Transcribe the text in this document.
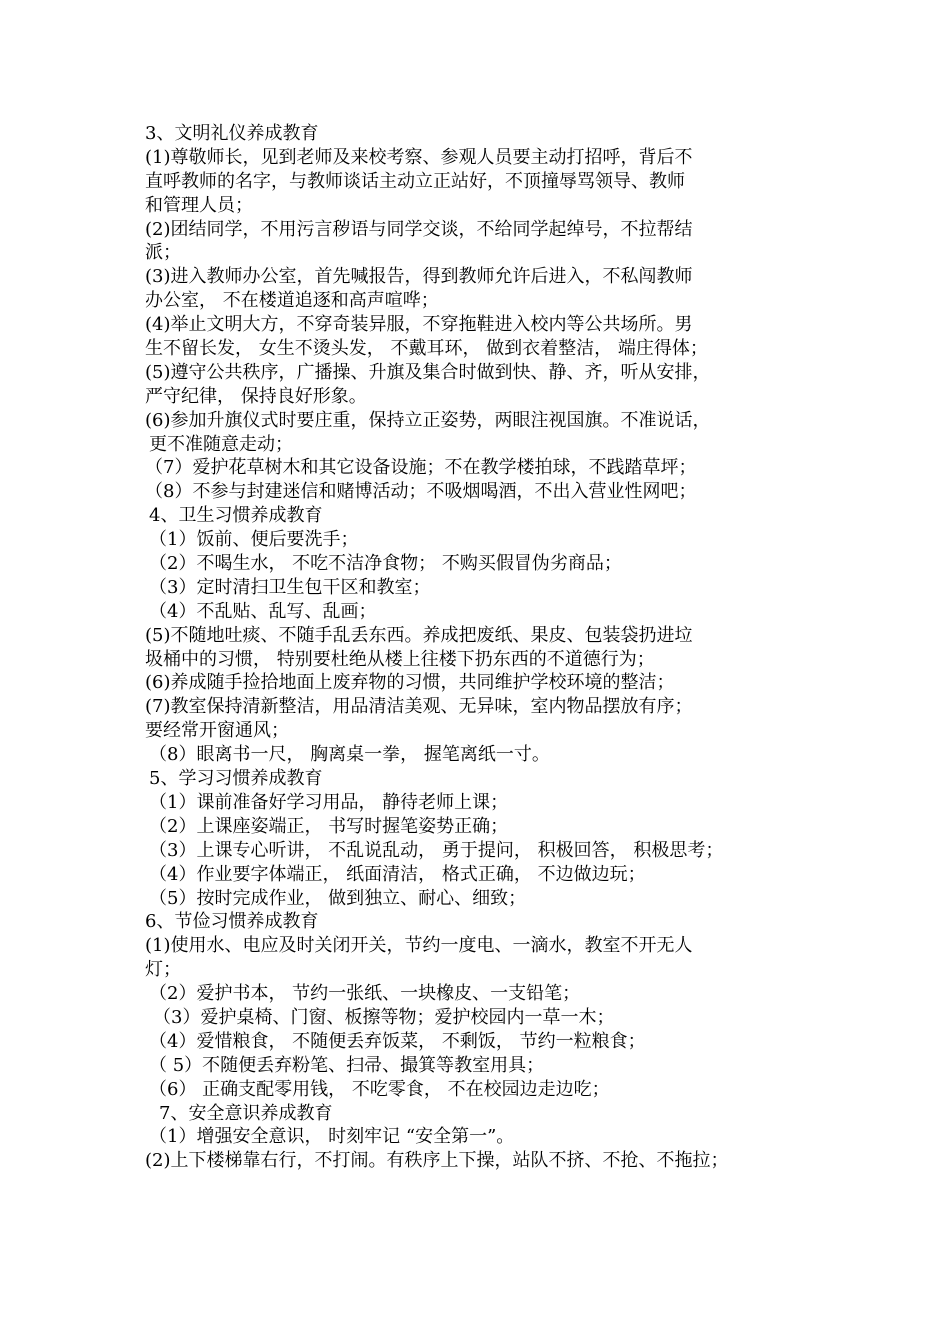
3、文明礼仪养成教育
(1)尊敬师长，见到老师及来校考察、参观人员要主动打招呼，背后不
直呼教师的名字，与教师谈话主动立正站好，不顶撞辱骂领导、教师
和管理人员；
(2)团结同学，不用污言秽语与同学交谈，不给同学起绰号，不拉帮结
派；
(3)进入教师办公室，首先喊报告，得到教师允许后进入，不私闯教师
办公室， 不在楼道追逐和高声喧哗；
(4)举止文明大方，不穿奇装异服，不穿拖鞋进入校内等公共场所。男
生不留长发， 女生不烫头发， 不戴耳环， 做到衣着整洁， 端庄得体；
(5)遵守公共秩序，广播操、升旗及集合时做到快、静、齐，听从安排，
严守纪律， 保持良好形象。
(6)参加升旗仪式时要庄重，保持立正姿势，两眼注视国旗。不准说话，
更不准随意走动；
（7）爱护花草树木和其它设备设施；不在教学楼拍球，不践踏草坪；
（8）不参与封建迷信和赌博活动；不吸烟喝酒，不出入营业性网吧；
4、卫生习惯养成教育
（1）饭前、便后要洗手；
（2）不喝生水， 不吃不洁净食物； 不购买假冒伪劣商品；
（3）定时清扫卫生包干区和教室；
（4）不乱贴、乱写、乱画；
(5)不随地吐痰、不随手乱丢东西。养成把废纸、果皮、包装袋扔进垃
圾桶中的习惯， 特别要杜绝从楼上往楼下扔东西的不道德行为；
(6)养成随手捡拾地面上废弃物的习惯，共同维护学校环境的整洁；
(7)教室保持清新整洁，用品清洁美观、无异味，室内物品摆放有序；
要经常开窗通风；
（8）眼离书一尺， 胸离桌一拳， 握笔离纸一寸。
5、学习习惯养成教育
（1）课前准备好学习用品， 静待老师上课；
（2）上课座姿端正， 书写时握笔姿势正确；
（3）上课专心听讲， 不乱说乱动， 勇于提问， 积极回答， 积极思考；
（4）作业要字体端正， 纸面清洁， 格式正确， 不边做边玩；
（5）按时完成作业， 做到独立、耐心、细致；
6、节俭习惯养成教育
(1)使用水、电应及时关闭开关，节约一度电、一滴水，教室不开无人
灯；
（2）爱护书本， 节约一张纸、一块橡皮、一支铅笔；
（3）爱护桌椅、门窗、板擦等物；爱护校园内一草一木；
（4）爱惜粮食， 不随便丢弃饭菜， 不剩饭， 节约一粒粮食；
（ 5）不随便丢弃粉笔、扫帚、撮箕等教室用具；
（6） 正确支配零用钱， 不吃零食， 不在校园边走边吃；
7、安全意识养成教育
（1）增强安全意识， 时刻牢记 “安全第一”。
(2)上下楼梯靠右行，不打闹。有秩序上下操，站队不挤、不抢、不拖拉；
